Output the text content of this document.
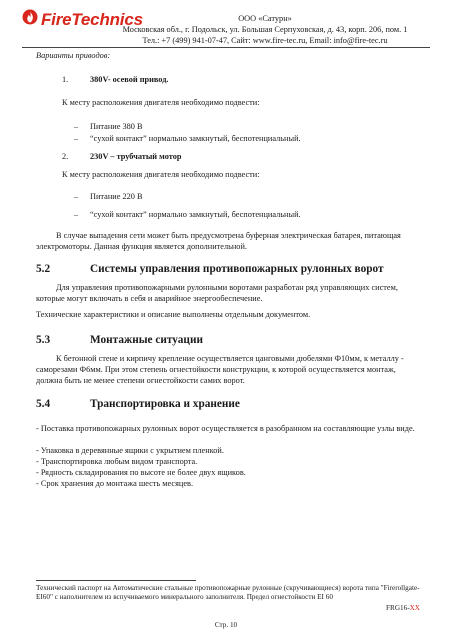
FireTechnics	ООО «Сатурн»
Московская обл., г. Подольск, ул. Большая Серпуховская, д. 43, корп. 206, пом. 1
Тел.: +7 (499) 941-07-47, Сайт: www.fire-tec.ru, Email: info@fire-tec.ru
Варианты приводов:
1.	380V- осевой привод.
К месту расположения двигателя необходимо подвести:
– Питание 380 В
– “сухой контакт” нормально замкнутый, беспотенциальный.
2.	230V – трубчатый мотор
К месту расположения двигателя необходимо подвести:
– Питание 220 В
– “сухой контакт” нормально замкнутый, беспотенциальный.
В случае выпадения сети может быть предусмотрена буферная электрическая батарея, питающая электромоторы. Данная функция является дополнительной.
5.2	Системы управления противопожарных рулонных ворот
Для управления противопожарными рулонными воротами разработан ряд управляющих систем, которые могут включать в себя и аварийное энергообеспечение.
Технические характеристики и описание выполнены отдельным документом.
5.3	Монтажные ситуации
К бетонной стене и кирпичу крепление осуществляется цанговыми дюбелями Ф10мм, к металлу - саморезами Ф6мм. При этом степень огнестойкости конструкции, к которой осуществляется монтаж, должна быть не менее степени огнестойкости самих ворот.
5.4	Транспортировка и хранение
- Поставка противопожарных рулонных ворот осуществляется в разобранном на составляющие узлы виде.
- Упаковка в деревянные ящики с укрытием пленкой.
- Транспортировка любым видом транспорта.
- Рядность складирования по высоте не более двух ящиков.
- Срок хранения до монтажа шесть месяцев.
Технический паспорт на Автоматические стальные противопожарные рулонные (скручивающиеся) ворота типа "Firerollgate-EI60" с наполнителем из вспучиваемого минерального заполнителя. Предел огнестойкости EI 60
FRG16-XX
Стр. 10
